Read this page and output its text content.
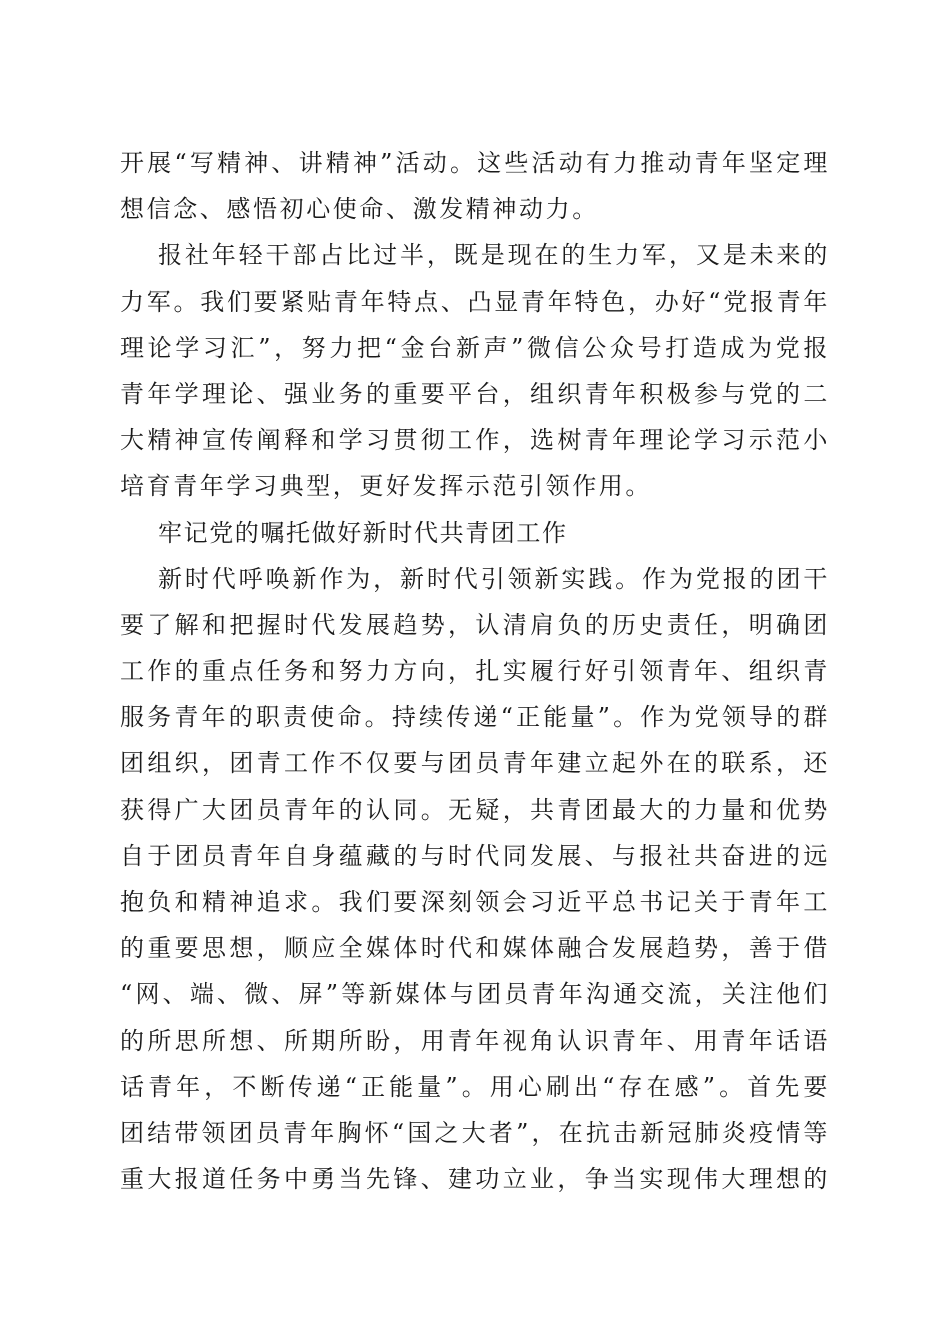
开展“写精神、讲精神”活动。这些活动有力推动青年坚定理
想信念、感悟初心使命、激发精神动力。
报社年轻干部占比过半，既是现在的生力军，又是未来的
力军。我们要紧贴青年特点、凸显青年特色，办好“党报青年
理论学习汇”，努力把“金台新声”微信公众号打造成为党报
青年学理论、强业务的重要平台，组织青年积极参与党的二
大精神宣传阐释和学习贯彻工作，选树青年理论学习示范小
培育青年学习典型，更好发挥示范引领作用。
牢记党的嘱托做好新时代共青团工作
新时代呼唤新作为，新时代引领新实践。作为党报的团干
要了解和把握时代发展趋势，认清肩负的历史责任，明确团
工作的重点任务和努力方向，扎实履行好引领青年、组织青
服务青年的职责使命。持续传递“正能量”。作为党领导的群
团组织，团青工作不仅要与团员青年建立起外在的联系，还
获得广大团员青年的认同。无疑，共青团最大的力量和优势
自于团员青年自身蕴藏的与时代同发展、与报社共奋进的远
抱负和精神追求。我们要深刻领会习近平总书记关于青年工
的重要思想，顺应全媒体时代和媒体融合发展趋势，善于借
“网、端、微、屏”等新媒体与团员青年沟通交流，关注他们
的所思所想、所期所盼，用青年视角认识青年、用青年话语
话青年，不断传递“正能量”。用心刷出“存在感”。首先要
团结带领团员青年胸怀“国之大者”，在抗击新冠肺炎疫情等
重大报道任务中勇当先锋、建功立业，争当实现伟大理想的
